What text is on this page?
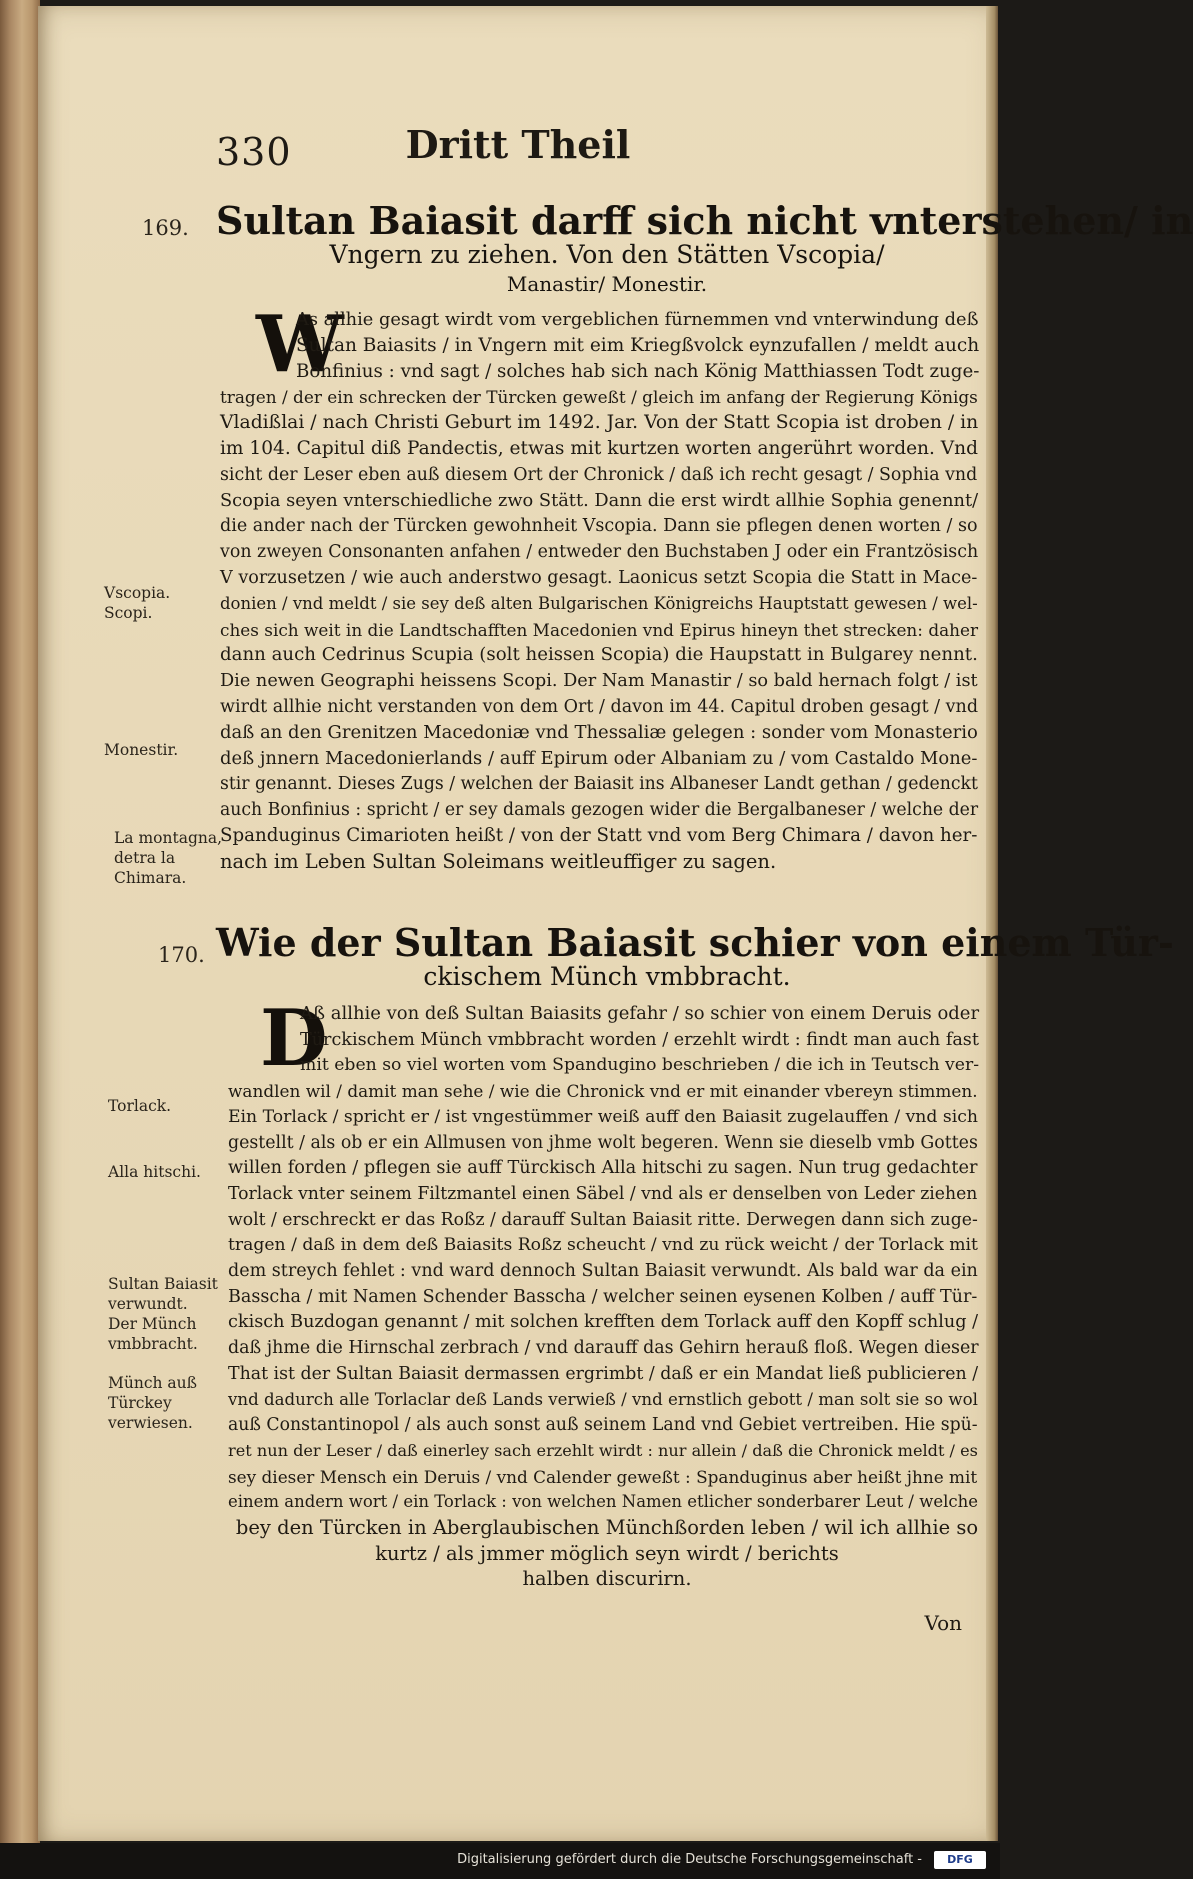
330	Dritt Theil
169. Sultan Baiasit darff sich nicht vnterstehen/ in
Vngern zu ziehen. Von den Stätten Vscopia/
Manastir/ Monestir.
W
As allhie gesagt wirdt vom vergeblichen fürnemmen vnd vnterwindung deß
Sultan Baiasits / in Vngern mit eim Kriegßvolck eynzufallen / meldt auch
Bonfinius : vnd sagt / solches hab sich nach König Matthiassen Todt zuge-
tragen / der ein schrecken der Türcken geweßt / gleich im anfang der Regierung Königs
Vladißlai / nach Christi Geburt im 1492. Jar. Von der Statt Scopia ist droben / in
im 104. Capitul diß Pandectis, etwas mit kurtzen worten angerührt worden. Vnd
sicht der Leser eben auß diesem Ort der Chronick / daß ich recht gesagt / Sophia vnd
Scopia seyen vnterschiedliche zwo Stätt. Dann die erst wirdt allhie Sophia genennt/
die ander nach der Türcken gewohnheit Vscopia. Dann sie pflegen denen worten / so
von zweyen Consonanten anfahen / entweder den Buchstaben J oder ein Frantzösisch
V vorzusetzen / wie auch anderstwo gesagt. Laonicus setzt Scopia die Statt in Mace-
donien / vnd meldt / sie sey deß alten Bulgarischen Königreichs Hauptstatt gewesen / wel-
ches sich weit in die Landtschafften Macedonien vnd Epirus hineyn thet strecken: daher
dann auch Cedrinus Scupia (solt heissen Scopia) die Haupstatt in Bulgarey nennt.
Die newen Geographi heissens Scopi. Der Nam Manastir / so bald hernach folgt / ist
wirdt allhie nicht verstanden von dem Ort / davon im 44. Capitul droben gesagt / vnd
daß an den Grenitzen Macedoniæ vnd Thessaliæ gelegen : sonder vom Monasterio
deß jnnern Macedonierlands / auff Epirum oder Albaniam zu / vom Castaldo Mone-
stir genannt. Dieses Zugs / welchen der Baiasit ins Albaneser Landt gethan / gedenckt
auch Bonfinius : spricht / er sey damals gezogen wider die Bergalbaneser / welche der
Spanduginus Cimarioten heißt / von der Statt vnd vom Berg Chimara / davon her-
nach im Leben Sultan Soleimans weitleuffiger zu sagen.
Vscopia. Scopi.
Monestir.
La montagna, detra la Chimara.
170. Wie der Sultan Baiasit schier von einem Tür-
ckischem Münch vmbbracht.
D
Aß allhie von deß Sultan Baiasits gefahr / so schier von einem Deruis oder
Türckischem Münch vmbbracht worden / erzehlt wirdt : findt man auch fast
mit eben so viel worten vom Spandugino beschrieben / die ich in Teutsch ver-
wandlen wil / damit man sehe / wie die Chronick vnd er mit einander vbereyn stimmen.
Ein Torlack / spricht er / ist vngestümmer weiß auff den Baiasit zugelauffen / vnd sich
gestellt / als ob er ein Allmusen von jhme wolt begeren. Wenn sie dieselb vmb Gottes
willen forden / pflegen sie auff Türckisch Alla hitschi zu sagen. Nun trug gedachter
Torlack vnter seinem Filtzmantel einen Säbel / vnd als er denselben von Leder ziehen
wolt / erschreckt er das Roßz / darauff Sultan Baiasit ritte. Derwegen dann sich zuge-
tragen / daß in dem deß Baiasits Roßz scheucht / vnd zu rück weicht / der Torlack mit
dem streych fehlet : vnd ward dennoch Sultan Baiasit verwundt. Als bald war da ein
Basscha / mit Namen Schender Basscha / welcher seinen eysenen Kolben / auff Tür-
ckisch Buzdogan genannt / mit solchen krefften dem Torlack auff den Kopff schlug /
daß jhme die Hirnschal zerbrach / vnd darauff das Gehirn herauß floß. Wegen dieser
That ist der Sultan Baiasit dermassen ergrimbt / daß er ein Mandat ließ publicieren /
vnd dadurch alle Torlaclar deß Lands verwieß / vnd ernstlich gebott / man solt sie so wol
auß Constantinopol / als auch sonst auß seinem Land vnd Gebiet vertreiben. Hie spü-
ret nun der Leser / daß einerley sach erzehlt wirdt : nur allein / daß die Chronick meldt / es
sey dieser Mensch ein Deruis / vnd Calender geweßt : Spanduginus aber heißt jhne mit
einem andern wort / ein Torlack : von welchen Namen etlicher sonderbarer Leut / welche
bey den Türcken in Aberglaubischen Münchßorden leben / wil ich allhie so
kurtz / als jmmer möglich seyn wirdt / berichts
halben discurirn.
Torlack.
Alla hitschi.
Sultan Baiasit verwundt. Der Münch vmbbracht.
Münch auß Türckey verwiesen.
Von
Digitalisierung gefördert durch die Deutsche Forschungsgemeinschaft -	DFG
